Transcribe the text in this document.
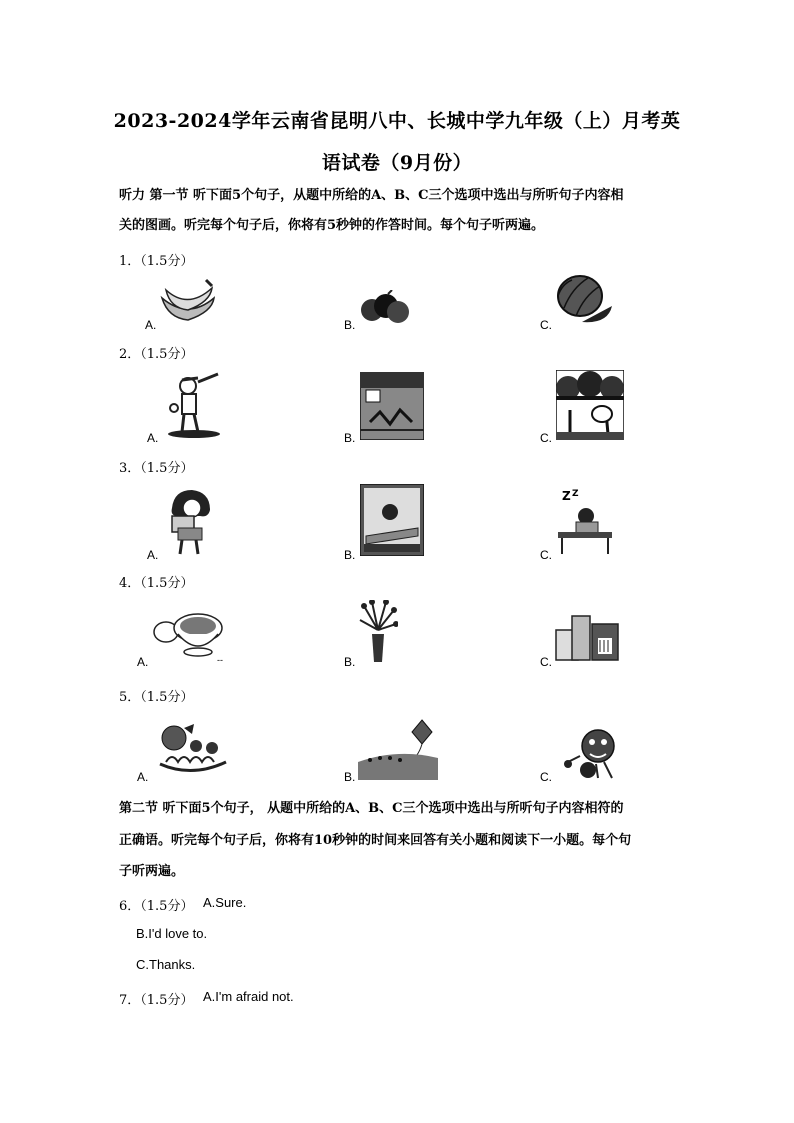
2023-2024学年云南省昆明八中、长城中学九年级（上）月考英
语试卷（9月份）
听力 第一节 听下面5个句子，从题中所给的A、B、C三个选项中选出与所听句子内容相
关的图画。听完每个句子后，你将有5秒钟的作答时间。每个句子听两遍。
1．（1.5分）
A.	B.	C.
2．（1.5分）
A.	B.	C.
3．（1.5分）
A.	B.
Z Z
C.
4．（1.5分）
A.	--	B.	C.
5．（1.5分）
A.	B.	C.
第二节 听下面5个句子， 从题中所给的A、B、C三个选项中选出与所听句子内容相符的
正确语。听完每个句子后，你将有10秒钟的时间来回答有关小题和阅读下一小题。每个句
子听两遍。
6．（1.5分） A.Sure.
B.I'd love to.
C.Thanks.
7．（1.5分） A.I'm afraid not.
